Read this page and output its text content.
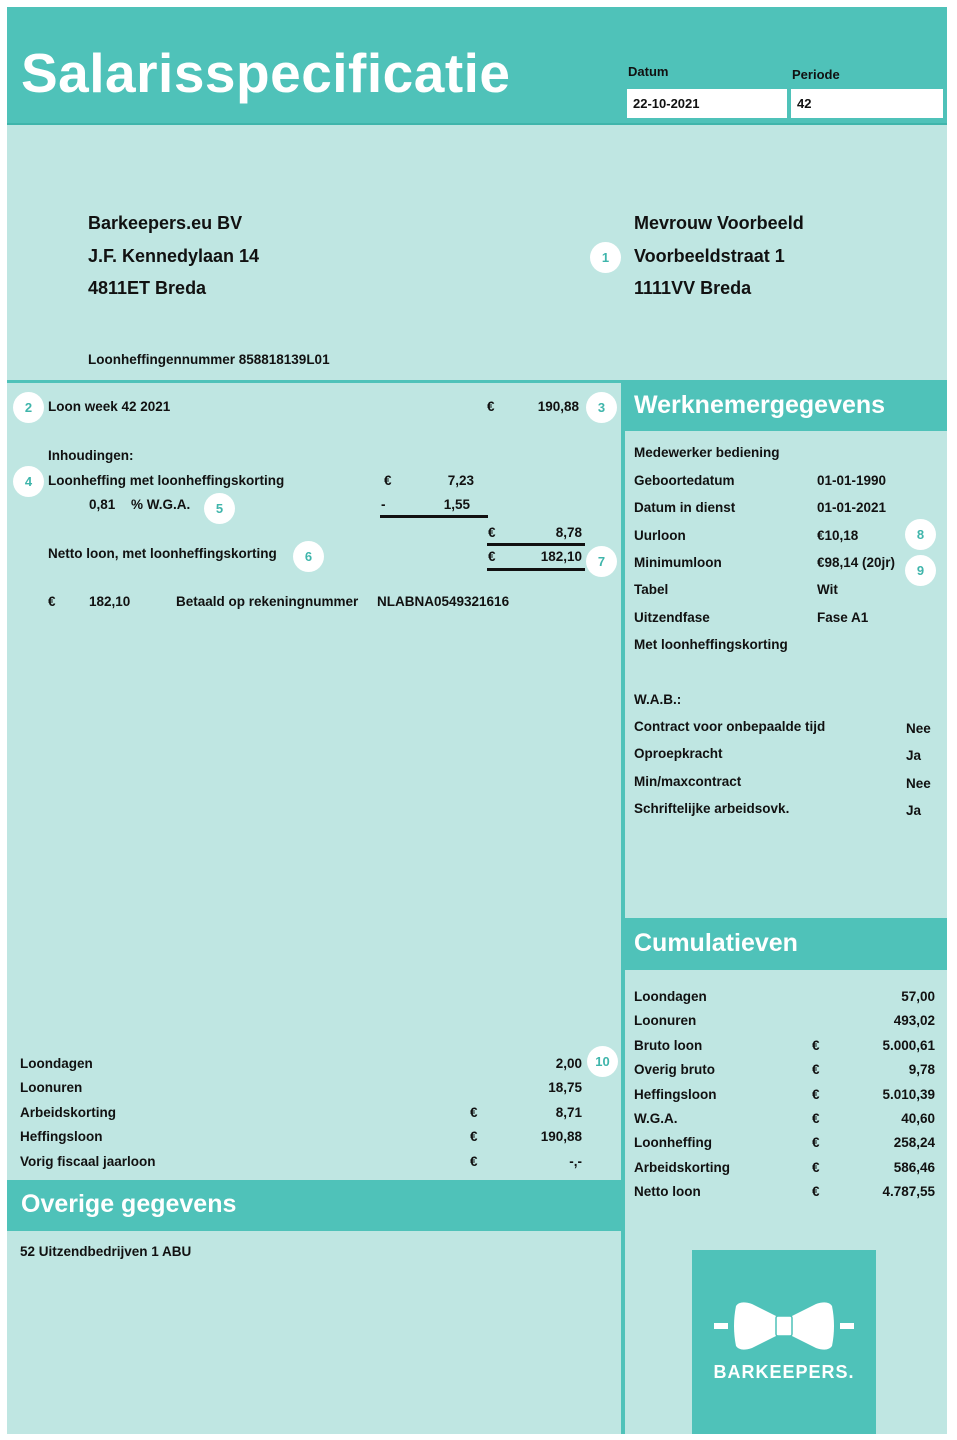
Salarisspecificatie	Datum	Periode
22-10-2021	42
Barkeepers.eu BV
J.F. Kennedylaan 14
4811ET Breda
Loonheffingennummer 858818139L01
Mevrouw Voorbeeld
1	Voorbeeldstraat 1
1111VV Breda
2	Loon week 42 2021	€	190,88	3
Inhoudingen:
4	Loonheffing met loonheffingskorting	€	7,23
0,81 % W.G.A.	5	-	1,55
€	8,78
Netto loon, met loonheffingskorting	6	€	182,10	7
€ 182,10	Betaald op rekeningnummer NLABNA0549321616
Loondagen	2,00
Loonuren	18,75
Arbeidskorting	€	8,71
Heffingsloon	€	190,88
Vorig fiscaal jaarloon	€	-,-
10
Overige gegevens
52 Uitzendbedrijven 1 ABU
Werknemergegevens
Medewerker bediening
Geboortedatum	01-01-1990
Datum in dienst	01-01-2021
Uurloon	€10,18
Minimumloon	€98,14 (20jr)
Tabel	Wit
Uitzendfase	Fase A1
8
9
Met loonheffingskorting
W.A.B.:
Contract voor onbepaalde tijd	Nee
Oproepkracht	Ja
Min/maxcontract	Nee
Schriftelijke arbeidsovk.	Ja
Cumulatieven
Loondagen	57,00
Loonuren	493,02
Bruto loon	€	5.000,61
Overig bruto	€	9,78
Heffingsloon	€	5.010,39
W.G.A.	€	40,60
Loonheffing	€	258,24
Arbeidskorting	€	586,46
Netto loon	€	4.787,55
BARKEEPERS.
